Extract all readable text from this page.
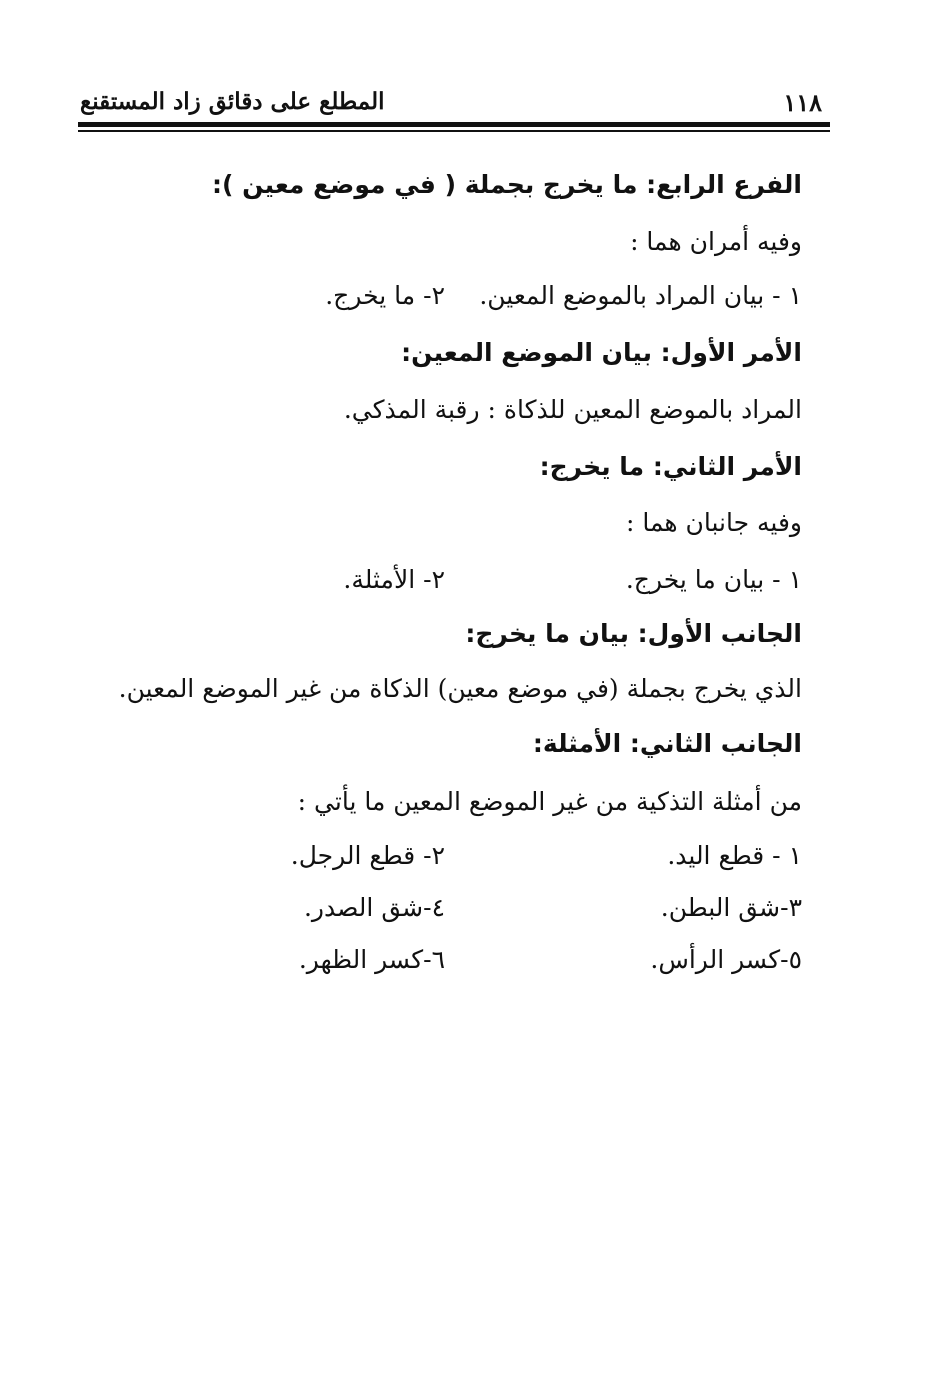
١١٨
المطلع على دقائق زاد المستقنع
الفرع الرابع: ما يخرج بجملة ( في موضع معين ):
وفيه أمران هما :
١ - بيان المراد بالموضع المعين.
٢- ما يخرج.
الأمر الأول: بيان الموضع المعين:
المراد بالموضع المعين للذكاة : رقبة المذكي.
الأمر الثاني: ما يخرج:
وفيه جانبان هما :
١ - بيان ما يخرج.
٢- الأمثلة.
الجانب الأول: بيان ما يخرج:
الذي يخرج بجملة (في موضع معين) الذكاة من غير الموضع المعين.
الجانب الثاني: الأمثلة:
من أمثلة التذكية من غير الموضع المعين ما يأتي :
١ - قطع اليد.
٢- قطع الرجل.
٣-شق البطن.
٤-شق الصدر.
٥-كسر الرأس.
٦-كسر الظهر.
